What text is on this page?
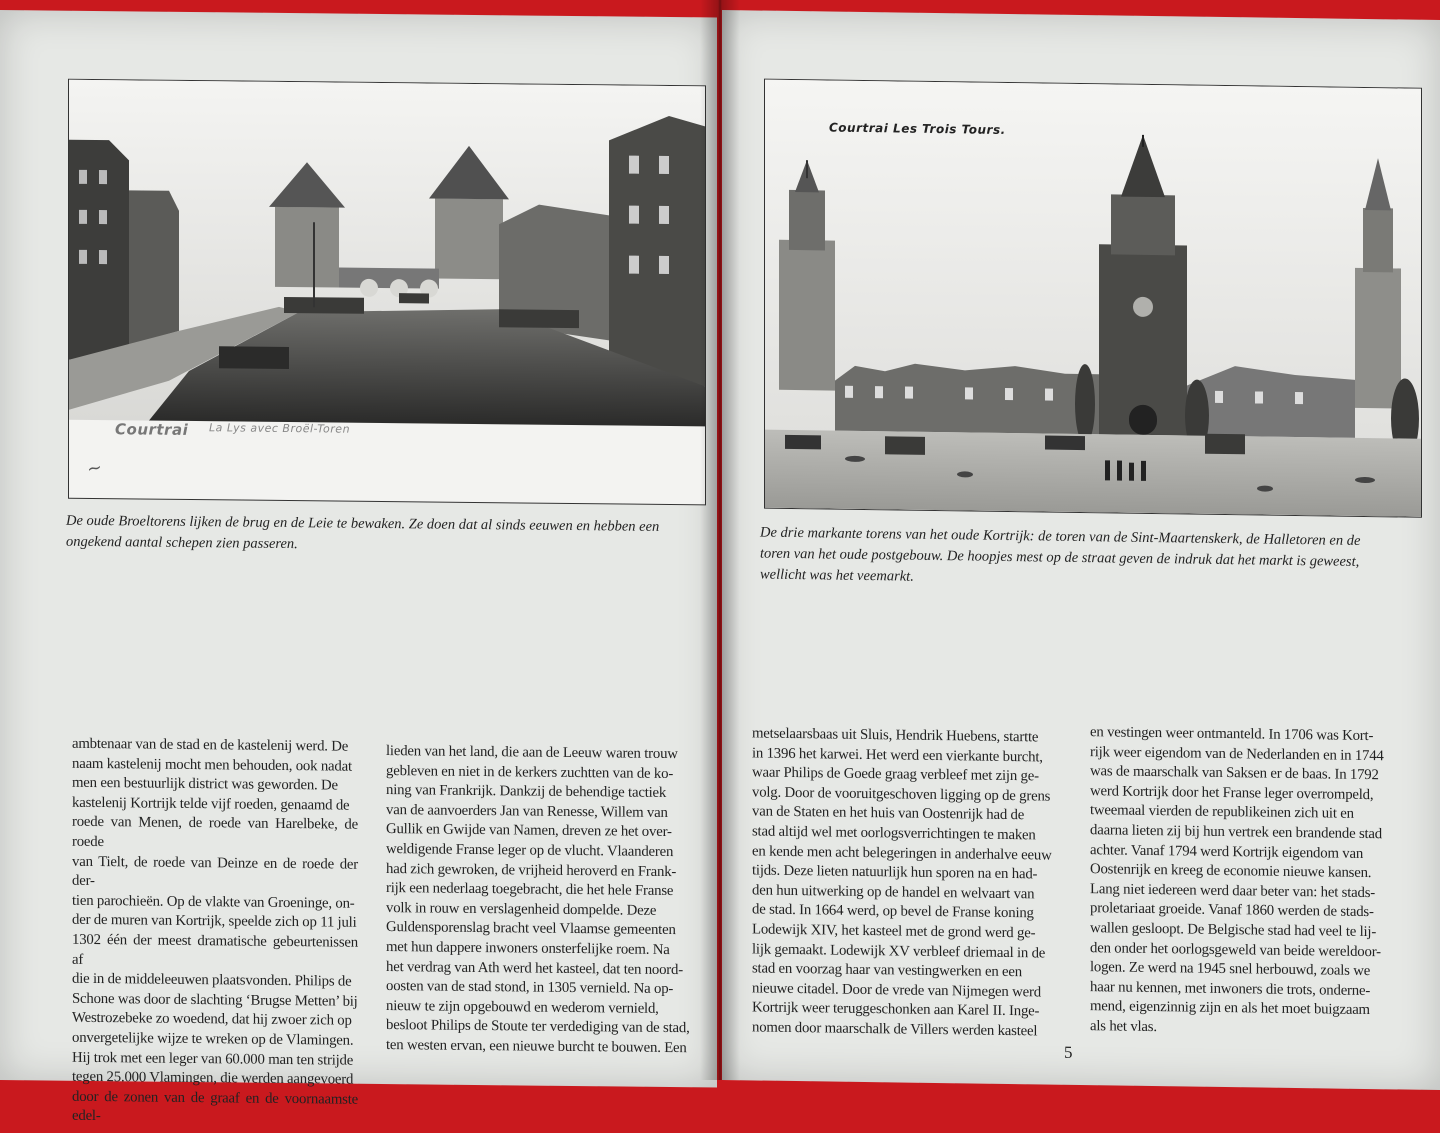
Courtrai La Lys avec Broël-Toren
~
De oude Broeltorens lijken de brug en de Leie te bewaken. Ze doen dat al sinds eeuwen en hebben een
ongekend aantal schepen zien passeren.

ambtenaar van de stad en de kastelenij werd. De

naam kastelenij mocht men behouden, ook nadat

men een bestuurlijk district was geworden. De

kastelenij Kortrijk telde vijf roeden, genaamd de

roede van Menen, de roede van Harelbeke, de roede

van Tielt, de roede van Deinze en de roede der der-

tien parochieën. Op de vlakte van Groeninge, on-

der de muren van Kortrijk, speelde zich op 11 juli

1302 één der meest dramatische gebeurtenissen af

die in de middeleeuwen plaatsvonden. Philips de

Schone was door de slachting ‘Brugse Metten’ bij

Westrozebeke zo woedend, dat hij zwoer zich op

onvergetelijke wijze te wreken op de Vlamingen.

Hij trok met een leger van 60.000 man ten strijde

tegen 25.000 Vlamingen, die werden aangevoerd

door de zonen van de graaf en de voornaamste edel-

lieden van het land, die aan de Leeuw waren trouw

gebleven en niet in de kerkers zuchtten van de ko-

ning van Frankrijk. Dankzij de behendige tactiek

van de aanvoerders Jan van Renesse, Willem van

Gullik en Gwijde van Namen, dreven ze het over-

weldigende Franse leger op de vlucht. Vlaanderen

had zich gewroken, de vrijheid heroverd en Frank-

rijk een nederlaag toegebracht, die het hele Franse

volk in rouw en verslagenheid dompelde. Deze

Guldensporenslag bracht veel Vlaamse gemeenten

met hun dappere inwoners onsterfelijke roem. Na

het verdrag van Ath werd het kasteel, dat ten noord-

oosten van de stad stond, in 1305 vernield. Na op-

nieuw te zijn opgebouwd en wederom vernield,

besloot Philips de Stoute ter verdediging van de stad,

ten westen ervan, een nieuwe burcht te bouwen. Een

Courtrai Les Trois Tours.
De drie markante torens van het oude Kortrijk: de toren van de Sint-Maartenskerk, de Halletoren en de
toren van het oude postgebouw. De hoopjes mest op de straat geven de indruk dat het markt is geweest,
wellicht was het veemarkt.

metselaarsbaas uit Sluis, Hendrik Huebens, startte

in 1396 het karwei. Het werd een vierkante burcht,

waar Philips de Goede graag verbleef met zijn ge-

volg. Door de vooruitgeschoven ligging op de grens

van de Staten en het huis van Oostenrijk had de

stad altijd wel met oorlogsverrichtingen te maken

en kende men acht belegeringen in anderhalve eeuw

tijds. Deze lieten natuurlijk hun sporen na en had-

den hun uitwerking op de handel en welvaart van

de stad. In 1664 werd, op bevel de Franse koning

Lodewijk XIV, het kasteel met de grond werd ge-

lijk gemaakt. Lodewijk XV verbleef driemaal in de

stad en voorzag haar van vestingwerken en een

nieuwe citadel. Door de vrede van Nijmegen werd

Kortrijk weer teruggeschonken aan Karel II. Inge-

nomen door maarschalk de Villers werden kasteel

en vestingen weer ontmanteld. In 1706 was Kort-

rijk weer eigendom van de Nederlanden en in 1744

was de maarschalk van Saksen er de baas. In 1792

werd Kortrijk door het Franse leger overrompeld,

tweemaal vierden de republikeinen zich uit en

daarna lieten zij bij hun vertrek een brandende stad

achter. Vanaf 1794 werd Kortrijk eigendom van

Oostenrijk en kreeg de economie nieuwe kansen.

Lang niet iedereen werd daar beter van: het stads-

proletariaat groeide. Vanaf 1860 werden de stads-

wallen gesloopt. De Belgische stad had veel te lij-

den onder het oorlogsgeweld van beide wereldoor-

logen. Ze werd na 1945 snel herbouwd, zoals we

haar nu kennen, met inwoners die trots, onderne-

mend, eigenzinnig zijn en als het moet buigzaam

als het vlas.

5
